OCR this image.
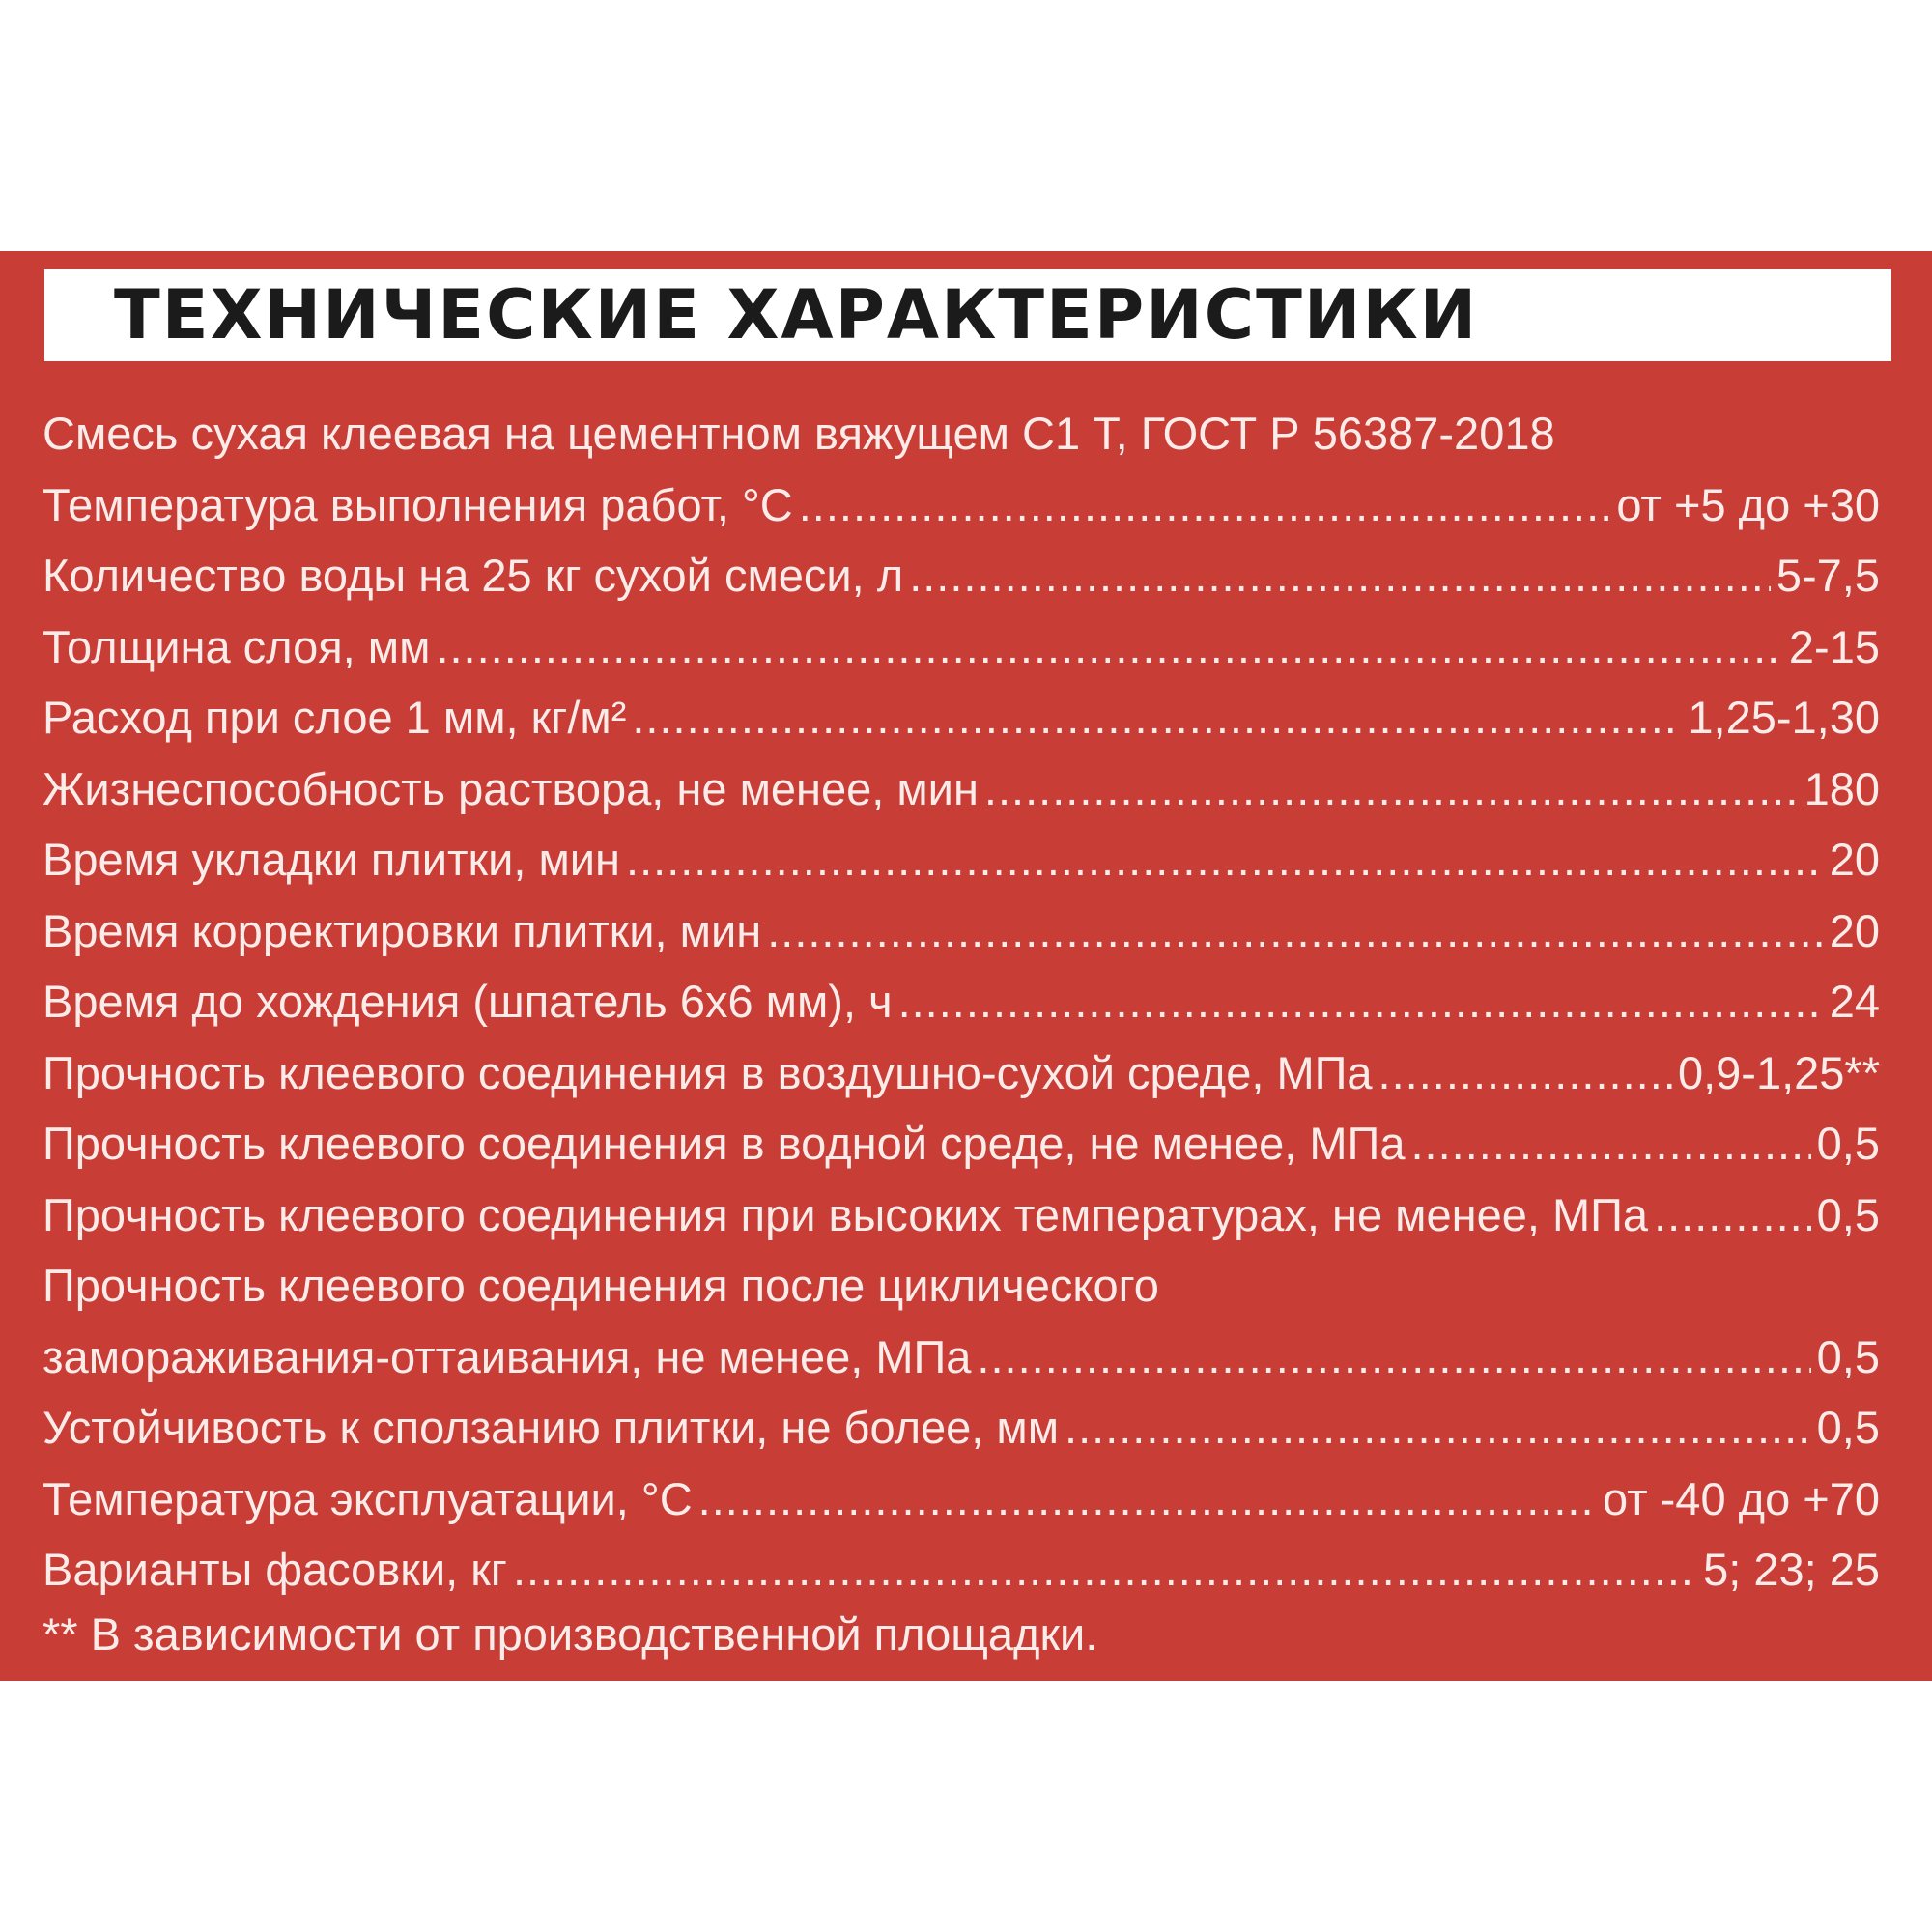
ТЕХНИЧЕСКИЕ ХАРАКТЕРИСТИКИ
Смесь сухая клеевая на цементном вяжущем С1 Т, ГОСТ Р 56387-2018
Температура выполнения работ, °С .....	от +5 до +30
Количество воды на 25 кг сухой смеси, л .....	5-7,5
Толщина слоя, мм .....	2-15
Расход при слое 1 мм, кг/м² .....	1,25-1,30
Жизнеспособность раствора, не менее, мин .....	180
Время укладки плитки, мин .....	20
Время корректировки плитки, мин .....	20
Время до хождения (шпатель 6х6 мм), ч .....	24
Прочность клеевого соединения в воздушно-сухой среде, МПа .....	0,9-1,25**
Прочность клеевого соединения в водной среде, не менее, МПа .....	0,5
Прочность клеевого соединения при высоких температурах, не менее, МПа .....	0,5
Прочность клеевого соединения после циклического
замораживания-оттаивания, не менее, МПа .....	0,5
Устойчивость к сползанию плитки, не более, мм .....	0,5
Температура эксплуатации, °С .....	от -40 до +70
Варианты фасовки, кг .....	5; 23; 25
** В зависимости от производственной площадки.
